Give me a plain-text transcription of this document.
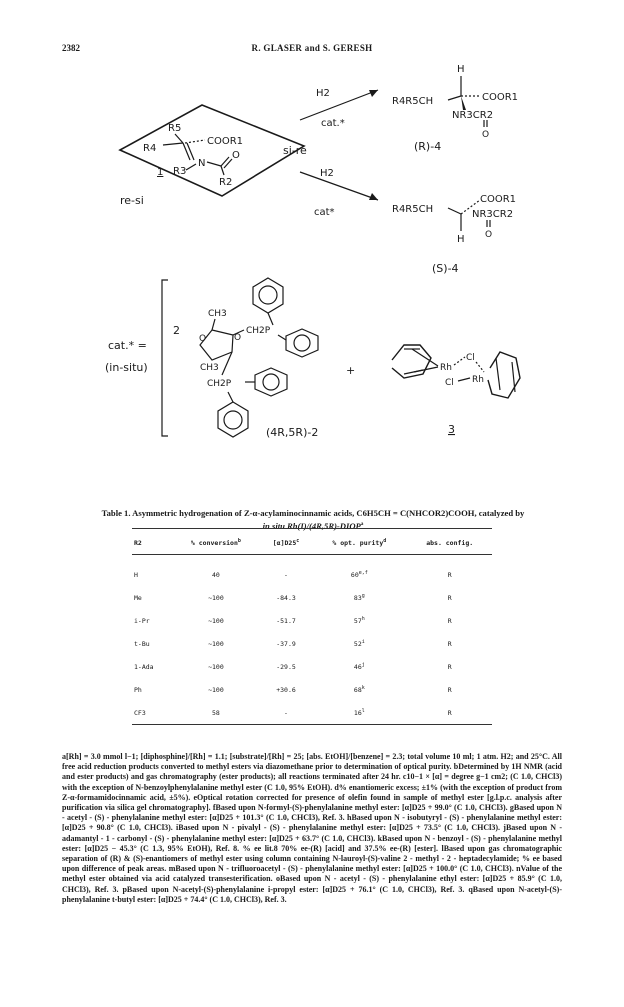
2382	R. GLASER and S. GERESH
re-si
si-re
R5
R4
COOR1
1 R3
N
O
R2
H2
cat.*
H2
cat*
H
R4R5CH	COOR1
NR3CR2
O
(R)-4
R4R5CH
COOR1
NR3CR2
O
H
(S)-4
cat.* =
(in-situ)
2
CH3
O	O
CH3
CH2P
CH2P
(4R,5R)-2
+	Rh
Cl
Cl Rh
3
Table 1. Asymmetric hydrogenation of Z-α-acylaminocinnamic acids, C6H5CH = C(NHCOR2)COOH, catalyzed by
in situ Rh(I)/(4R,5R)-DIOP$^a$
R2	% conversion$^b$	[α]D25$^c$	% opt. purity$^d$	abs. config.
H	40	-	60$^{e,f}$	R
Me	~100	-84.3	83$^g$	R
i-Pr	~100	-51.7	57$^h$	R
t-Bu	~100	-37.9	52$^i$	R
1-Ada	~100	-29.5	46$^j$	R
Ph	~100	+30.6	68$^k$	R
CF3	58	-	16$^l$	R
a[Rh] = 3.0 mmol l−1; [diphosphine]/[Rh] = 1.1; [substrate]/[Rh] = 25; [abs. EtOH]/[benzene] = 2.3; total volume 10 ml; 1 atm. H2; and 25°C. All free acid reduction products converted to methyl esters via diazomethane prior to determination of optical purity. bDetermined by 1H NMR (acid and ester products) and gas chromatography (ester products); all reactions terminated after 24 hr. c10−1 × [α] = degree g−1 cm2; (C 1.0, CHCl3) with the exception of N-benzoylphenylalanine methyl ester (C 1.0, 95% EtOH). d% enantiomeric excess; ±1% (with the exception of product from Z-α-formamidocinnamic acid, ±5%). eOptical rotation corrected for presence of olefin found in sample of methyl ester [g.l.p.c. analysis after purification via silica gel chromatography]. fBased upon N-formyl-(S)-phenylalanine methyl ester: [α]D25 + 99.0° (C 1.0, CHCl3). gBased upon N - acetyl - (S) - phenylalanine methyl ester: [α]D25 + 101.3° (C 1.0, CHCl3), Ref. 3. hBased upon N - isobutyryl - (S) - phenylalanine methyl ester: [α]D25 + 90.8° (C 1.0, CHCl3). iBased upon N - pivalyl - (S) - phenylalanine methyl ester: [α]D25 + 73.5° (C 1.0, CHCl3). jBased upon N - adamantyl - 1 - carbonyl - (S) - phenylalanine methyl ester: [α]D25 + 63.7° (C 1.0, CHCl3). kBased upon N - benzoyl - (S) - phenylalanine methyl ester: [α]D25 − 45.3° (C 1.3, 95% EtOH), Ref. 8. % ee lit.8 70% ee-(R) [acid] and 37.5% ee-(R) [ester]. lBased upon gas chromatographic separation of (R) & (S)-enantiomers of methyl ester using column containing N-lauroyl-(S)-valine 2 - methyl - 2 - heptadecylamide; % ee based upon difference of peak areas. mBased upon N - trifluoroacetyl - (S) - phenylalanine methyl ester: [α]D25 + 100.0° (C 1.0, CHCl3). nValue of the methyl ester obtained via acid catalyzed transesterification. oBased upon N - acetyl - (S) - phenylalanine ethyl ester: [α]D25 + 85.9° (C 1.0, CHCl3), Ref. 3. pBased upon N-acetyl-(S)-phenylalanine i-propyl ester: [α]D25 + 76.1° (C 1.0, CHCl3), Ref. 3. qBased upon N-acetyl-(S)-phenylalanine t-butyl ester: [α]D25 + 74.4° (C 1.0, CHCl3), Ref. 3.
